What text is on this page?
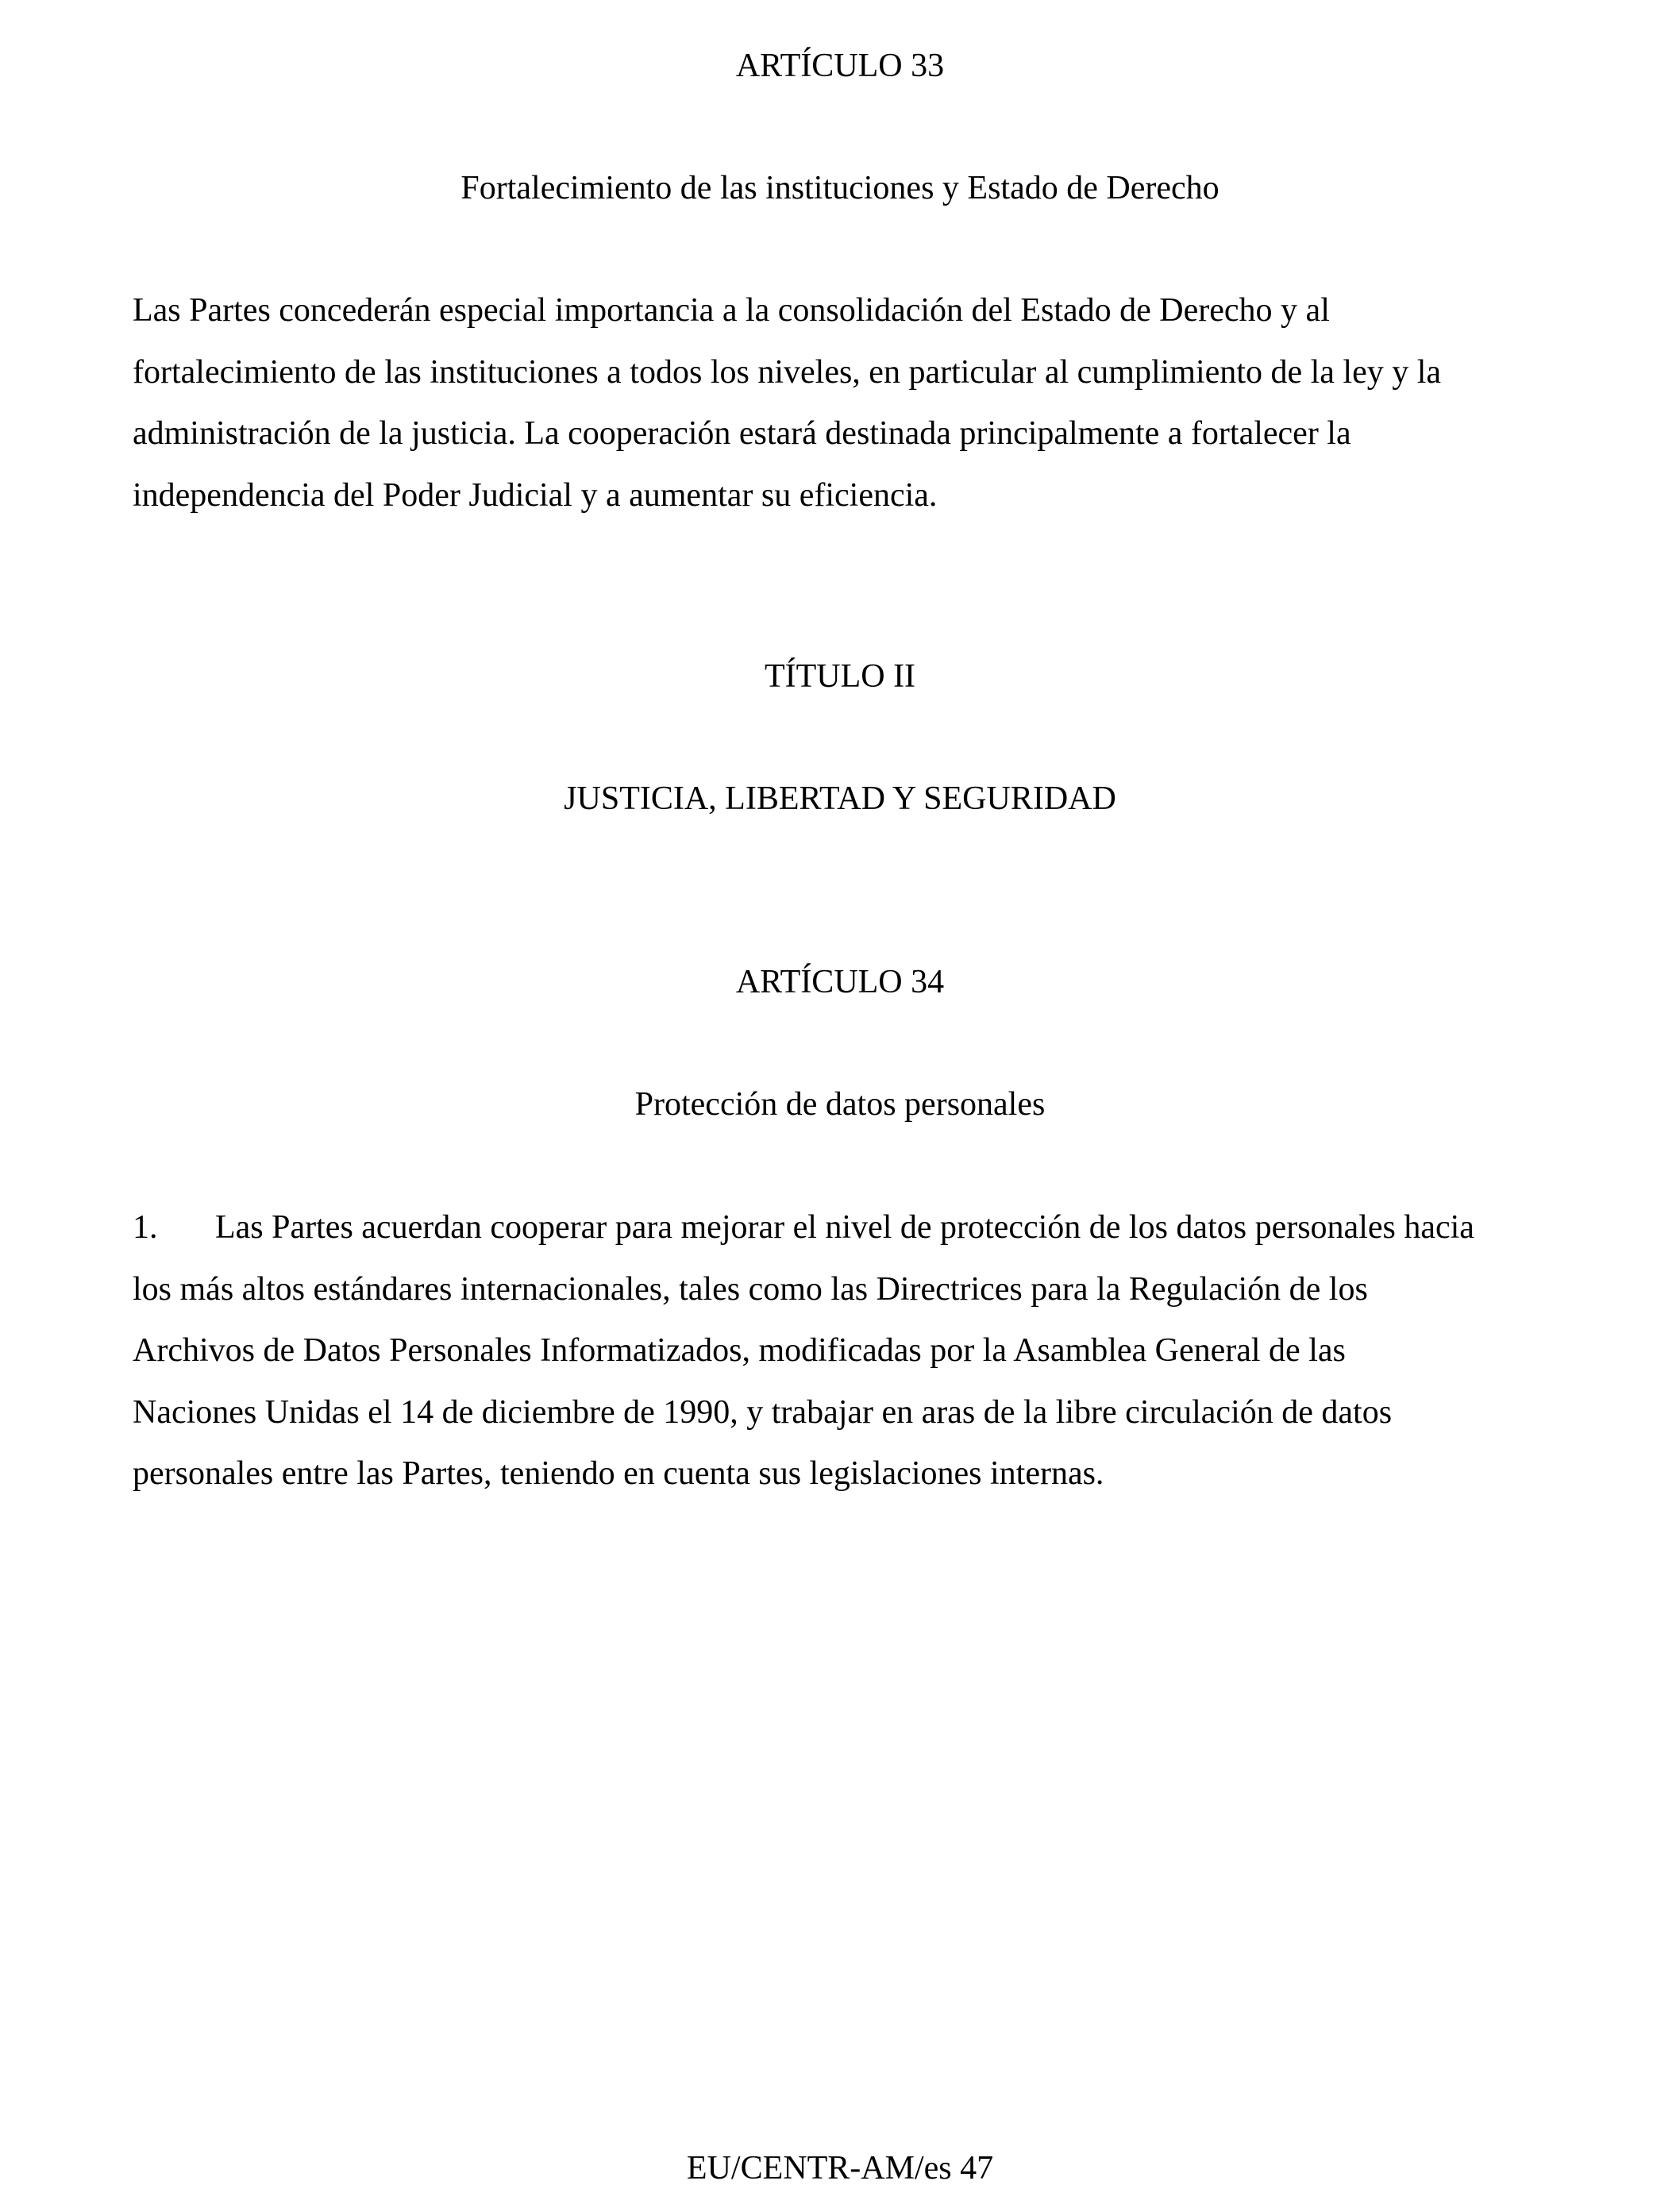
ARTÍCULO 33
Fortalecimiento de las instituciones y Estado de Derecho
Las Partes concederán especial importancia a la consolidación del Estado de Derecho y al
fortalecimiento de las instituciones a todos los niveles, en particular al cumplimiento de la ley y la
administración de la justicia. La cooperación estará destinada principalmente a fortalecer la
independencia del Poder Judicial y a aumentar su eficiencia.
TÍTULO II
JUSTICIA, LIBERTAD Y SEGURIDAD
ARTÍCULO 34
Protección de datos personales
1. Las Partes acuerdan cooperar para mejorar el nivel de protección de los datos personales hacia
los más altos estándares internacionales, tales como las Directrices para la Regulación de los
Archivos de Datos Personales Informatizados, modificadas por la Asamblea General de las
Naciones Unidas el 14 de diciembre de 1990, y trabajar en aras de la libre circulación de datos
personales entre las Partes, teniendo en cuenta sus legislaciones internas.
EU/CENTR-AM/es 47
